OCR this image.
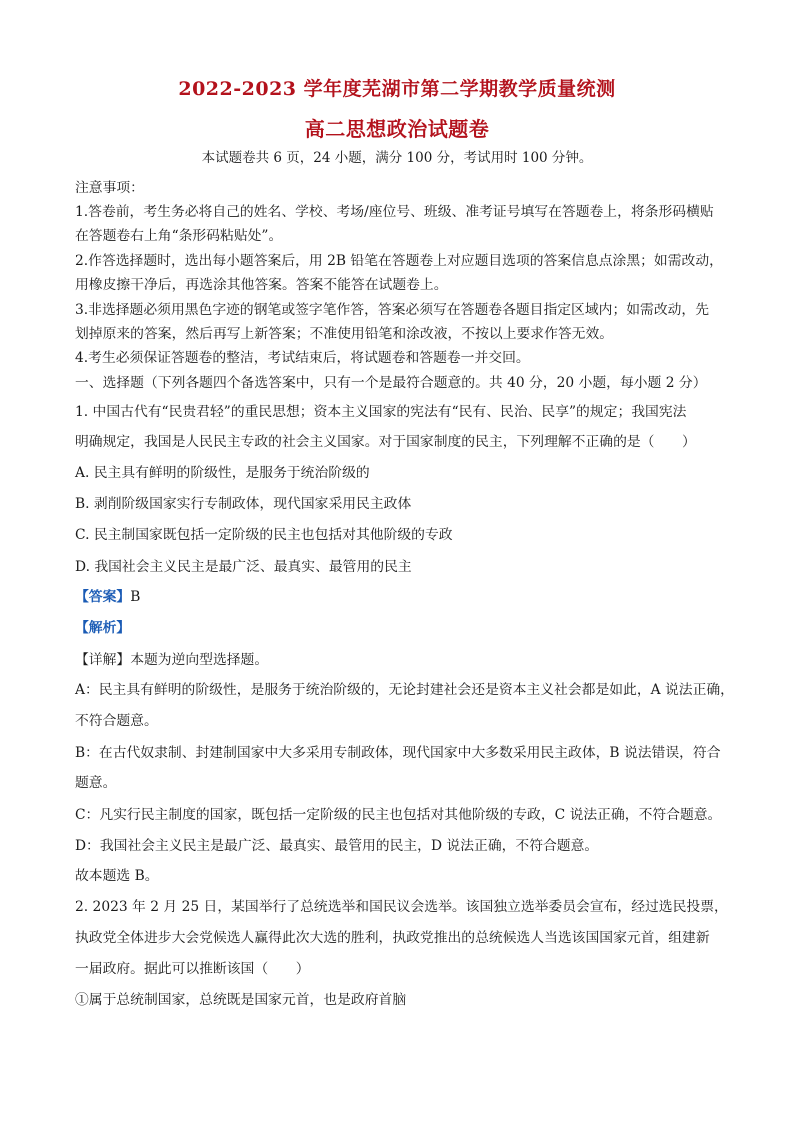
2022-2023 学年度芜湖市第二学期教学质量统测
高二思想政治试题卷
本试题卷共 6 页，24 小题，满分 100 分，考试用时 100 分钟。
注意事项：
1.答卷前，考生务必将自己的姓名、学校、考场/座位号、班级、准考证号填写在答题卷上，将条形码横贴
在答题卷右上角“条形码粘贴处”。
2.作答选择题时，选出每小题答案后，用 2B 铅笔在答题卷上对应题目选项的答案信息点涂黑；如需改动，
用橡皮擦干净后，再选涂其他答案。答案不能答在试题卷上。
3.非选择题必须用黑色字迹的钢笔或签字笔作答，答案必须写在答题卷各题目指定区域内；如需改动，先
划掉原来的答案，然后再写上新答案；不准使用铅笔和涂改液，不按以上要求作答无效。
4.考生必须保证答题卷的整洁，考试结束后，将试题卷和答题卷一并交回。
一、选择题（下列各题四个备选答案中，只有一个是最符合题意的。共 40 分，20 小题，每小题 2 分）
1. 中国古代有“民贵君轻”的重民思想；资本主义国家的宪法有“民有、民治、民享”的规定；我国宪法
明确规定，我国是人民民主专政的社会主义国家。对于国家制度的民主，下列理解不正确的是（　　）
A. 民主具有鲜明的阶级性，是服务于统治阶级的
B. 剥削阶级国家实行专制政体，现代国家采用民主政体
C. 民主制国家既包括一定阶级的民主也包括对其他阶级的专政
D. 我国社会主义民主是最广泛、最真实、最管用的民主
【答案】B
【解析】
【详解】本题为逆向型选择题。
A：民主具有鲜明的阶级性，是服务于统治阶级的，无论封建社会还是资本主义社会都是如此，A 说法正确，
不符合题意。
B：在古代奴隶制、封建制国家中大多采用专制政体，现代国家中大多数采用民主政体，B 说法错误，符合
题意。
C：凡实行民主制度的国家，既包括一定阶级的民主也包括对其他阶级的专政，C 说法正确，不符合题意。
D：我国社会主义民主是最广泛、最真实、最管用的民主，D 说法正确，不符合题意。
故本题选 B。
2. 2023 年 2 月 25 日，某国举行了总统选举和国民议会选举。该国独立选举委员会宣布，经过选民投票，
执政党全体进步大会党候选人赢得此次大选的胜利，执政党推出的总统候选人当选该国国家元首，组建新
一届政府。据此可以推断该国（　　）
①属于总统制国家，总统既是国家元首，也是政府首脑
